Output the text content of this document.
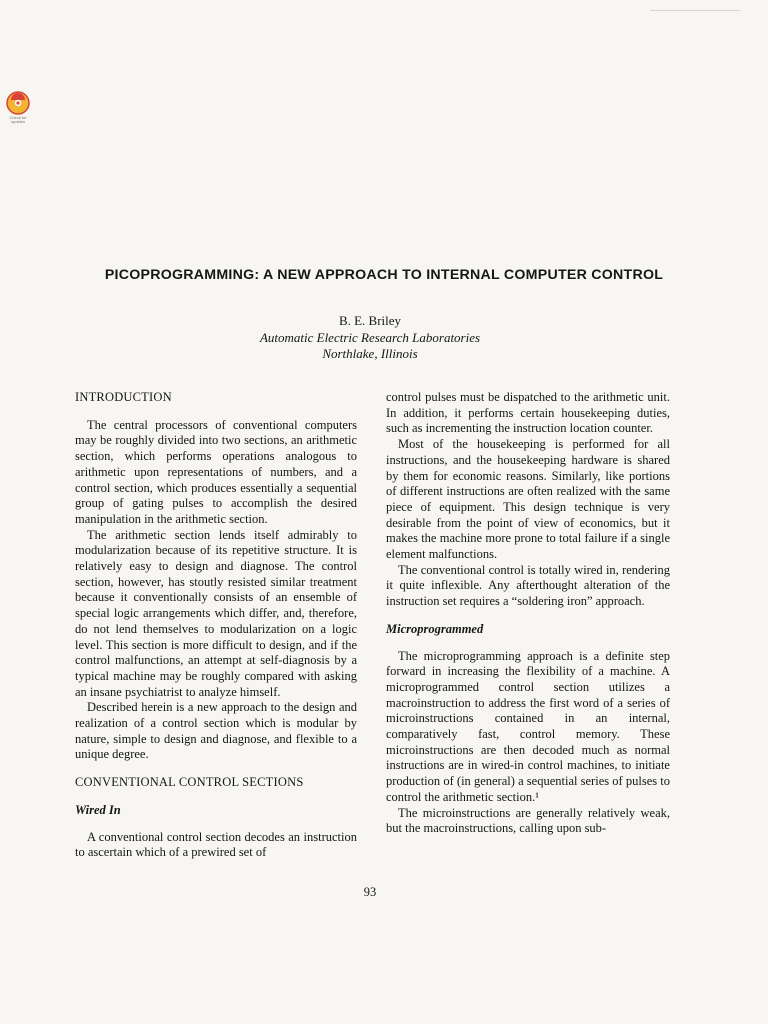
Check for updates
PICOPROGRAMMING: A NEW APPROACH TO INTERNAL COMPUTER CONTROL
B. E. Briley
Automatic Electric Research Laboratories
Northlake, Illinois
INTRODUCTION

The central processors of conventional computers may be roughly divided into two sections, an arithmetic section, which performs operations analogous to arithmetic upon representations of numbers, and a control section, which produces essentially a sequential group of gating pulses to accomplish the desired manipulation in the arithmetic section.

The arithmetic section lends itself admirably to modularization because of its repetitive structure. It is relatively easy to design and diagnose. The control section, however, has stoutly resisted similar treatment because it conventionally consists of an ensemble of special logic arrangements which differ, and, therefore, do not lend themselves to modularization on a logic level. This section is more difficult to design, and if the control malfunctions, an attempt at self-diagnosis by a typical machine may be roughly compared with asking an insane psychiatrist to analyze himself.

Described herein is a new approach to the design and realization of a control section which is modular by nature, simple to design and diagnose, and flexible to a unique degree.

CONVENTIONAL CONTROL SECTIONS
Wired In

A conventional control section decodes an instruction to ascertain which of a prewired set of

control pulses must be dispatched to the arithmetic unit. In addition, it performs certain housekeeping duties, such as incrementing the instruction location counter.

Most of the housekeeping is performed for all instructions, and the housekeeping hardware is shared by them for economic reasons. Similarly, like portions of different instructions are often realized with the same piece of equipment. This design technique is very desirable from the point of view of economics, but it makes the machine more prone to total failure if a single element malfunctions.

The conventional control is totally wired in, rendering it quite inflexible. Any afterthought alteration of the instruction set requires a “soldering iron” approach.

Microprogrammed

The microprogramming approach is a definite step forward in increasing the flexibility of a machine. A microprogrammed control section utilizes a macroinstruction to address the first word of a series of microinstructions contained in an internal, comparatively fast, control memory. These microinstructions are then decoded much as normal instructions are in wired-in control machines, to initiate production of (in general) a sequential series of pulses to control the arithmetic section.¹

The microinstructions are generally relatively weak, but the macroinstructions, calling upon sub-

93
